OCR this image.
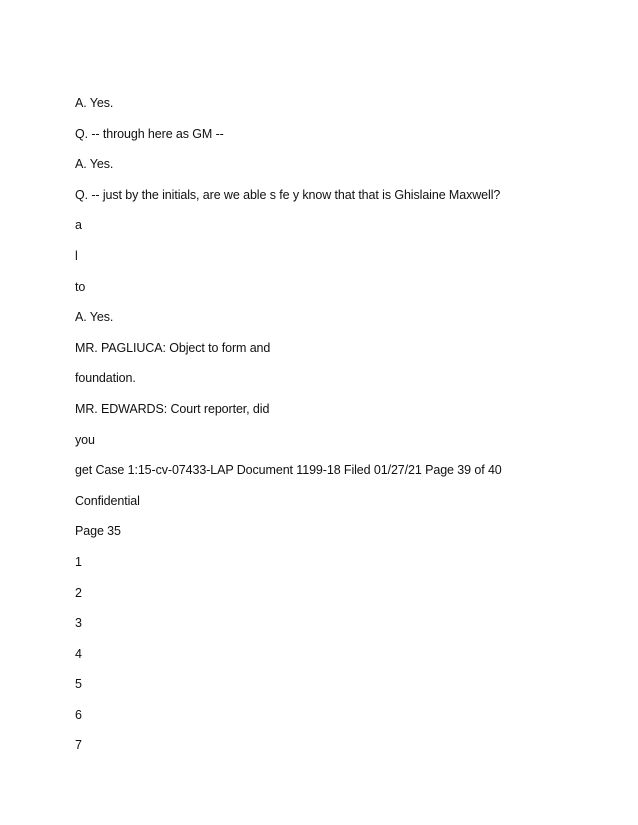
A. Yes.
Q. -- through here as GM --
A. Yes.
Q. -- just by the initials, are we able s fe y know that that is Ghislaine Maxwell?
a
l
to
A. Yes.
MR. PAGLIUCA: Object to form and
foundation.
MR. EDWARDS: Court reporter, did
you
get Case 1:15-cv-07433-LAP Document 1199-18 Filed 01/27/21 Page 39 of 40
Confidential
Page 35
1
2
3
4
5
6
7
